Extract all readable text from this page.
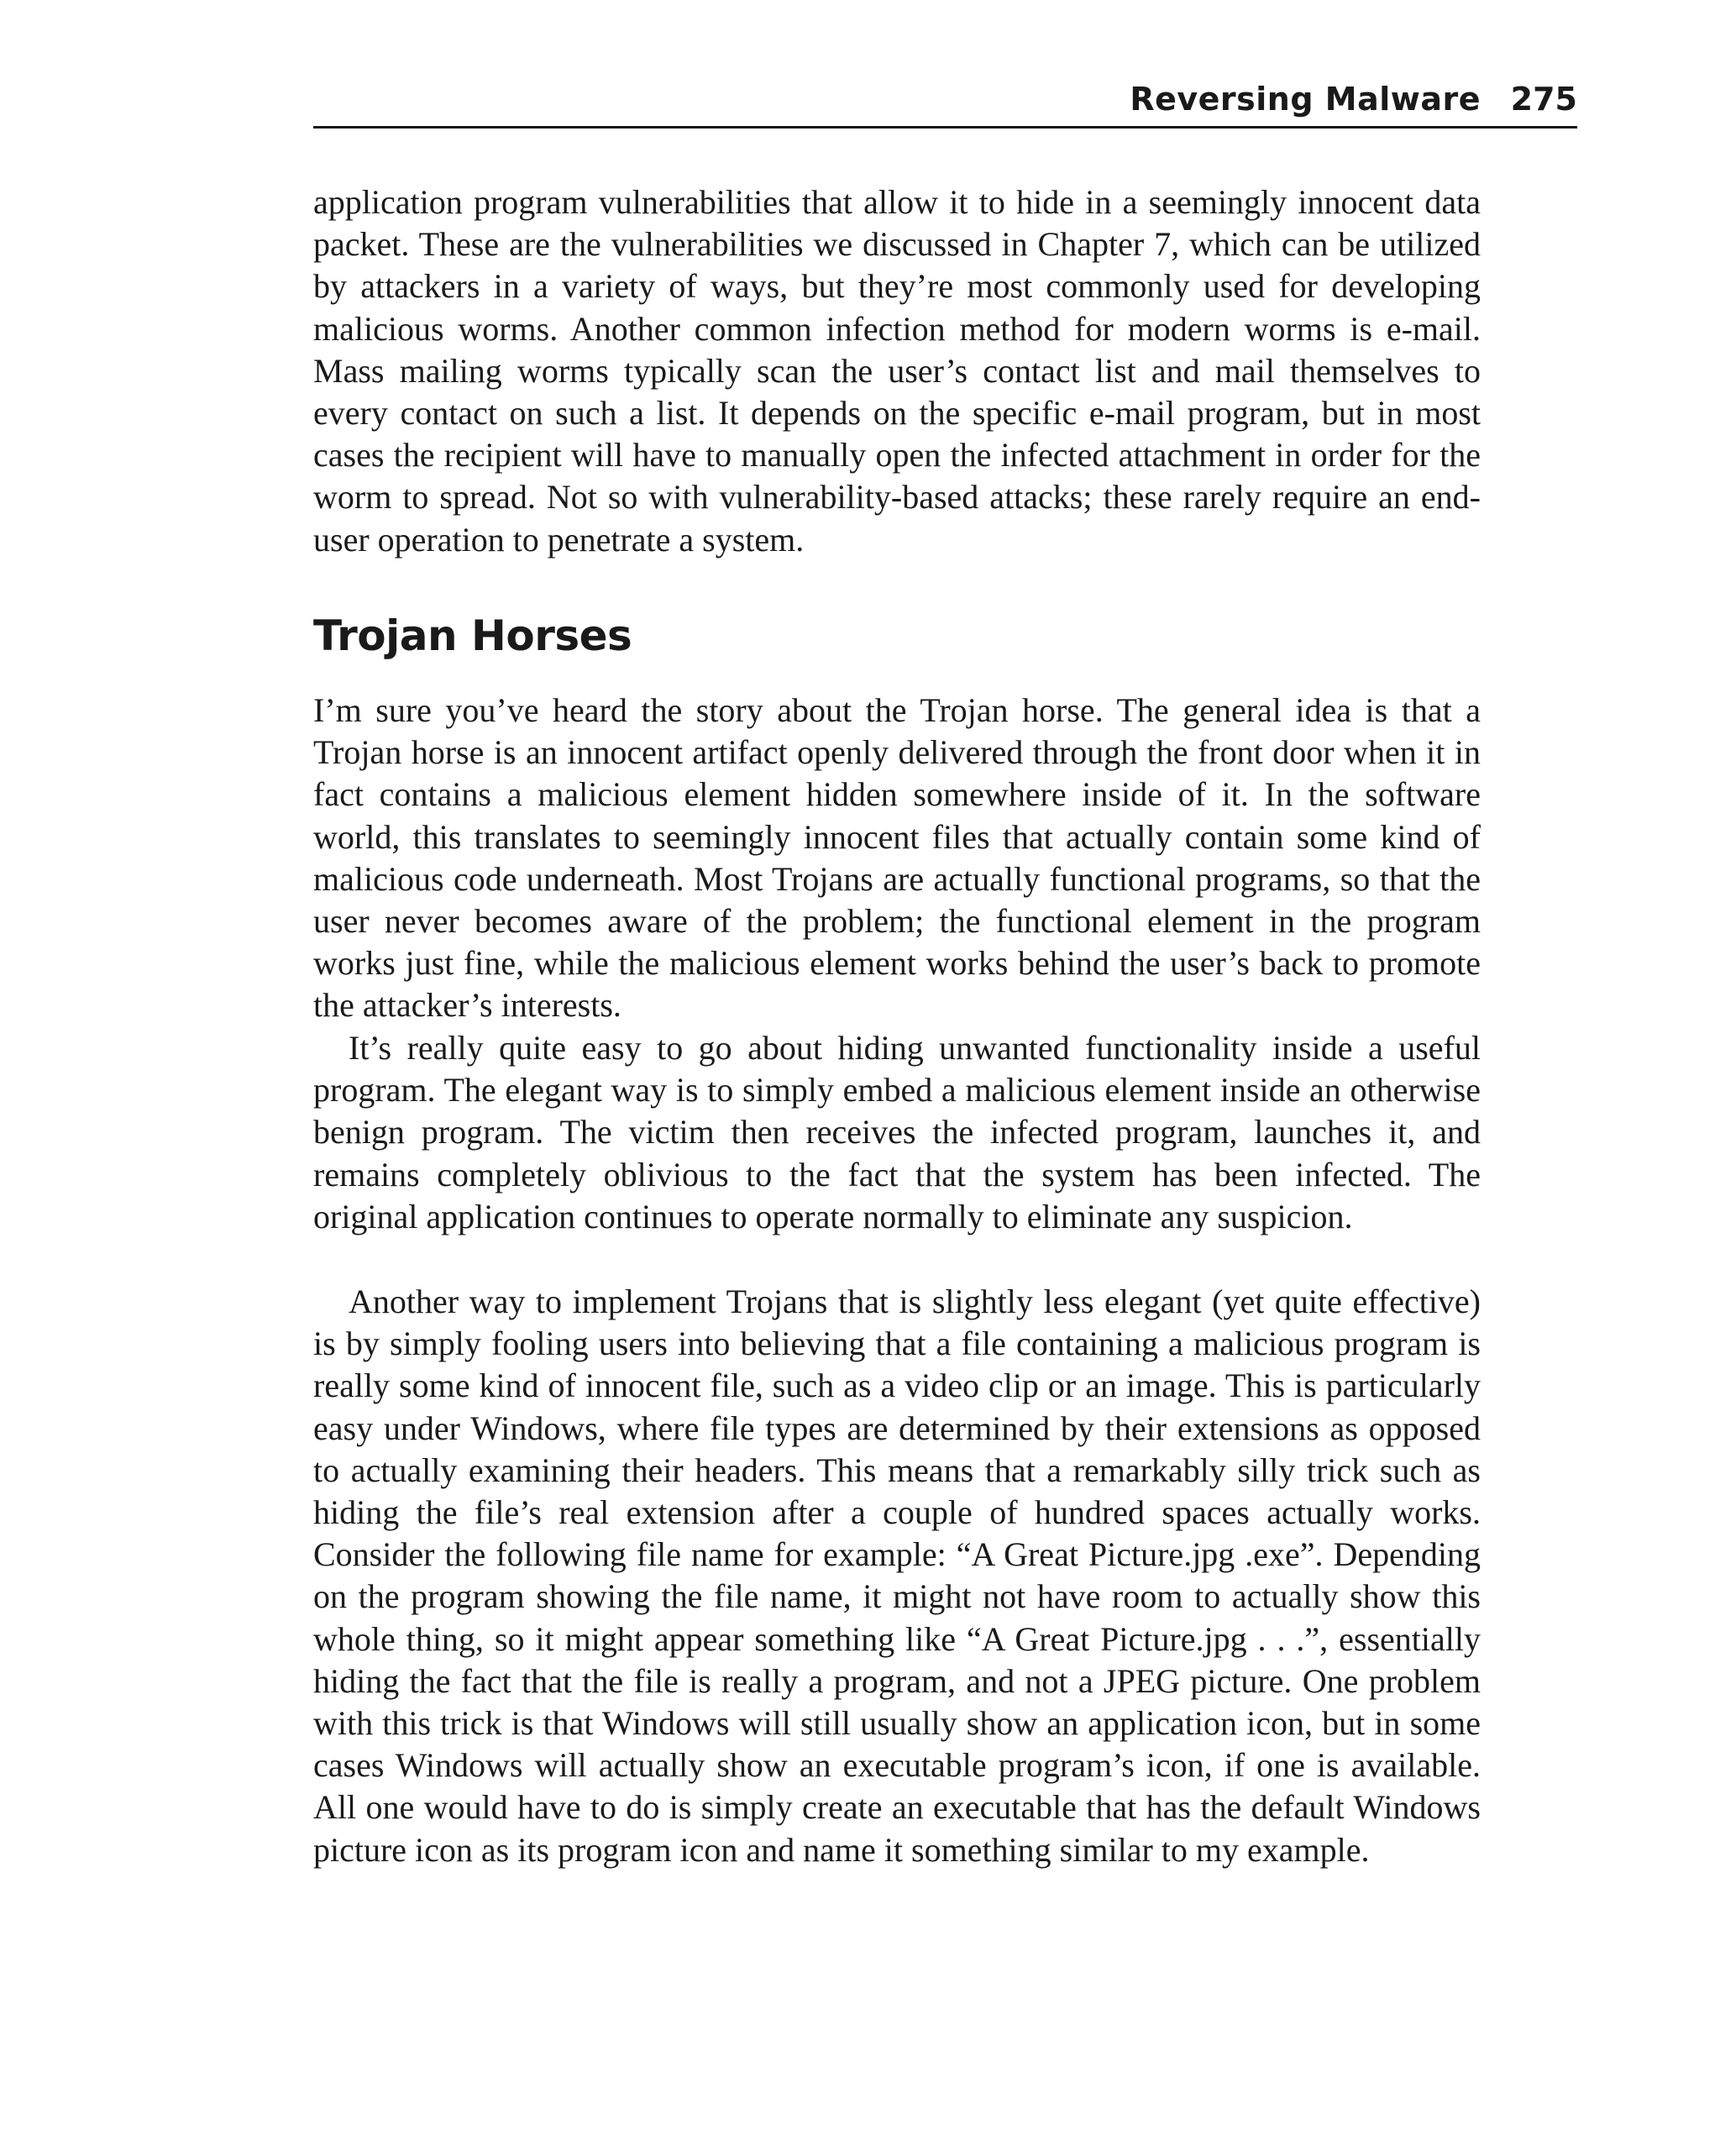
Reversing Malware 275

application program vulnerabilities that allow it to hide in a seemingly innocent data packet. These are the vulnerabilities we discussed in Chapter 7, which can be utilized by attackers in a variety of ways, but they’re most commonly used for developing malicious worms. Another common infection method for modern worms is e-mail. Mass mailing worms typically scan the user’s contact list and mail themselves to every contact on such a list. It depends on the specific e-mail program, but in most cases the recipient will have to manually open the infected attachment in order for the worm to spread. Not so with vulnerability-based attacks; these rarely require an end-user operation to penetrate a system.

Trojan Horses

I’m sure you’ve heard the story about the Trojan horse. The general idea is that a Trojan horse is an innocent artifact openly delivered through the front door when it in fact contains a malicious element hidden somewhere inside of it. In the software world, this translates to seemingly innocent files that actually contain some kind of malicious code underneath. Most Trojans are actually functional programs, so that the user never becomes aware of the problem; the functional element in the program works just fine, while the malicious element works behind the user’s back to promote the attacker’s interests.

It’s really quite easy to go about hiding unwanted functionality inside a useful program. The elegant way is to simply embed a malicious element inside an otherwise benign program. The victim then receives the infected program, launches it, and remains completely oblivious to the fact that the system has been infected. The original application continues to operate normally to eliminate any suspicion.

Another way to implement Trojans that is slightly less elegant (yet quite effective) is by simply fooling users into believing that a file containing a malicious program is really some kind of innocent file, such as a video clip or an image. This is particularly easy under Windows, where file types are determined by their extensions as opposed to actually examining their headers. This means that a remarkably silly trick such as hiding the file’s real extension after a couple of hundred spaces actually works. Consider the following file name for example: “A Great Picture.jpg .exe”. Depending on the program showing the file name, it might not have room to actually show this whole thing, so it might appear something like “A Great Picture.jpg . . .”, essentially hiding the fact that the file is really a program, and not a JPEG picture. One problem with this trick is that Windows will still usually show an application icon, but in some cases Windows will actually show an executable program’s icon, if one is available. All one would have to do is simply create an executable that has the default Windows picture icon as its program icon and name it something similar to my example.
